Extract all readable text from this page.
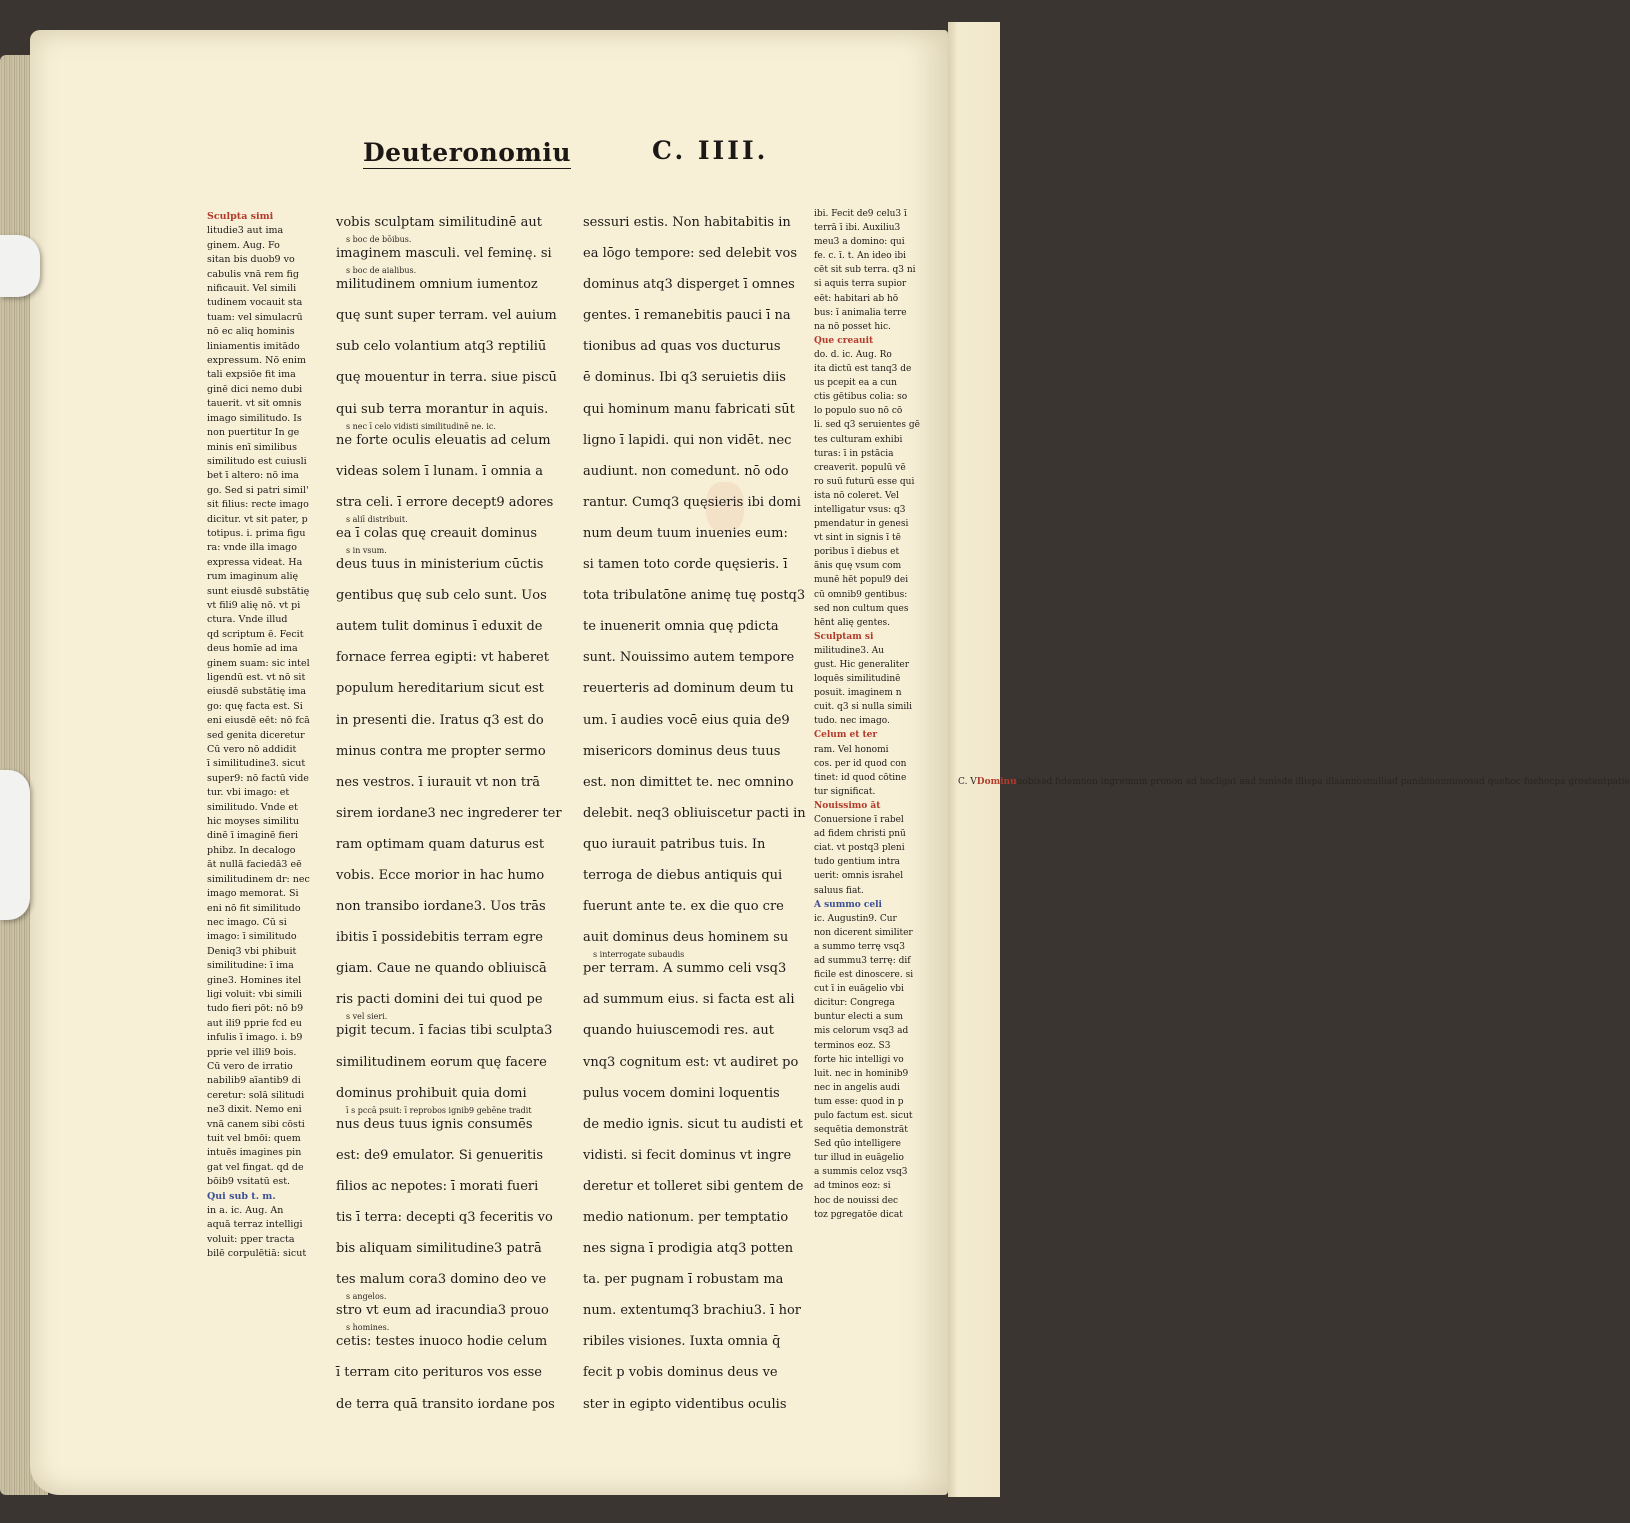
Deuteronomiu	C. IIII.
Sculpta simi
litudie3 aut ima
ginem. Aug. Fo
sitan bis duob9 vo
cabulis vnā rem fig
nificauit. Vel simili
tudinem vocauit sta
tuam: vel simulacrū
nō ec aliq hominis
liniamentis imitādo
expressum. Nō enim
tali expsiōe fit ima
ginē dici nemo dubi
tauerit. vt sit omnis
imago similitudo. Is
non puertitur In ge
minis enī similibus
similitudo est cuiusli
bet ī altero: nō ima
go. Sed si patri simil'
sit filius: recte imago
dicitur. vt sit pater, p
totipus. i. prima figu
ra: vnde illa imago
expressa videat. Ha
rum imaginum alię
sunt eiusdē substātię
vt fili9 alię nō. vt pi
ctura. Vnde illud
qd scriptum ē. Fecit
deus homīe ad ima
ginem suam: sic intel
ligendū est. vt nō sit
eiusdē substātię ima
go: quę facta est. Si
eni eiusdē eēt: nō fcā
sed genita diceretur
Cū vero nō addidit
ī similitudine3. sicut
super9: nō factū vide
tur. vbi imago: et
similitudo. Vnde et
hic moyses similitu
dinē ī imaginē fieri
phibz. In decalogo
āt nullā faciedā3 eē
similitudinem dr: nec
imago memorat. Si
eni nō fit similitudo
nec imago. Cū si
imago: ī similitudo
Deniq3 vbi phibuit
similitudine: ī ima
gine3. Homines itel
ligi voluit: vbi simili
tudo fieri pōt: nō b9
aut ili9 pprie fcd eu
infulis ī imago. i. b9
pprie vel illi9 bois.
Cū vero de irratio
nabilib9 aīantib9 di
ceretur: solā silitudi
ne3 dixit. Nemo eni
vnā canem sibi cōsti
tuit vel bmōi: quem
intuēs imagines pin
gat vel fingat. qd de
bōib9 vsitatū est.
Qui sub t. m.
in a. ic. Aug. An
aquā terraz intelligi
voluit: pper tracta
bilē corpulētiā: sicut
vobis sculptam similitudinē aut
s boc de bōibus.
imaginem masculi. vel feminę. si
s boc de aialibus.
militudinem omnium iumentoz
quę sunt super terram. vel auium
sub celo volantium atq3 reptiliū
quę mouentur in terra. siue piscū
qui sub terra morantur in aquis.
s nec ī celo vidisti similitudinē ne. ic.
ne forte oculis eleuatis ad celum
videas solem ī lunam. ī omnia a
stra celi. ī errore decept9 adores
s aliī distribuit.
ea ī colas quę creauit dominus
s in vsum.
deus tuus in ministerium cūctis
gentibus quę sub celo sunt. Uos
autem tulit dominus ī eduxit de
fornace ferrea egipti: vt haberet
populum hereditarium sicut est
in presenti die. Iratus q3 est do
minus contra me propter sermo
nes vestros. ī iurauit vt non trā
sirem iordane3 nec ingrederer ter
ram optimam quam daturus est
vobis. Ecce morior in hac humo
non transibo iordane3. Uos trās
ibitis ī possidebitis terram egre
giam. Caue ne quando obliuiscā
ris pacti domini dei tui quod pe
s vel sieri.
pigit tecum. ī facias tibi sculpta3
similitudinem eorum quę facere
dominus prohibuit quia domi
ī s pccā psuit: ī reprobos ignib9 gebēne tradit
nus deus tuus ignis consumēs
est: de9 emulator. Si genueritis
filios ac nepotes: ī morati fueri
tis ī terra: decepti q3 feceritis vo
bis aliquam similitudine3 patrā
tes malum cora3 domino deo ve
s angelos.
stro vt eum ad iracundia3 prouo
s homines.
cetis: testes inuoco hodie celum
ī terram cito perituros vos esse
de terra quā transito iordane pos
sessuri estis. Non habitabitis in
ea lōgo tempore: sed delebit vos
dominus atq3 disperget ī omnes
gentes. ī remanebitis pauci ī na
tionibus ad quas vos ducturus
ē dominus. Ibi q3 seruietis diis
qui hominum manu fabricati sūt
ligno ī lapidi. qui non vidēt. nec
audiunt. non comedunt. nō odo
rantur. Cumq3 quęsieris ibi domi
num deum tuum inuenies eum:
si tamen toto corde quęsieris. ī
tota tribulatōne animę tuę postq3
te inuenerit omnia quę pdicta
sunt. Nouissimo autem tempore
reuerteris ad dominum deum tu
um. ī audies vocē eius quia de9
misericors dominus deus tuus
est. non dimittet te. nec omnino
delebit. neq3 obliuiscetur pacti in
quo iurauit patribus tuis. In
terroga de diebus antiquis qui
fuerunt ante te. ex die quo cre
auit dominus deus hominem su
s interrogate subaudis
per terram. A summo celi vsq3
ad summum eius. si facta est ali
quando huiuscemodi res. aut
vnq3 cognitum est: vt audiret po
pulus vocem domini loquentis
de medio ignis. sicut tu audisti et
vidisti. si fecit dominus vt ingre
deretur et tolleret sibi gentem de
medio nationum. per temptatio
nes signa ī prodigia atq3 potten
ta. per pugnam ī robustam ma
num. extentumq3 brachiu3. ī hor
ribiles visiones. Iuxta omnia q̄
fecit p vobis dominus deus ve
ster in egipto videntibus oculis
ibi. Fecit de9 celu3 ī
terrā ī ibi. Auxiliu3
meu3 a domino: qui
fe. c. ī. t. An ideo ibi
cēt sit sub terra. q3 ni
si aquis terra supior
eēt: habitari ab hō
bus: ī animalia terre
na nō posset hic.
Que creauit
do. d. ic. Aug. Ro
ita dictū est tanq3 de
us pcepit ea a cun
ctis gētibus colia: so
lo populo suo nō cō
li. sed q3 seruientes gē
tes culturam exhibi
turas: ī in pstācia
creaverit. populū vē
ro suū futurū esse qui
ista nō coleret. Vel
intelligatur vsus: q3
pmendatur in genesi
vt sint in signis ī tē
poribus ī diebus et
ānis quę vsum com
munē hēt popul9 dei
cū omnib9 gentibus:
sed non cultum ques
hēnt alię gentes.
Sculptam si
militudine3. Au
gust. Hic generaliter
loquēs similitudinē
posuit. imaginem n
cuit. q3 si nulla simili
tudo. nec imago.
Celum et ter
ram. Vel honomi
cos. per id quod con
tinet: id quod cōtine
tur significat.
Nouissimo āt
Conuersione ī rabel
ad fidem christi pnū
ciat. vt postq3 pleni
tudo gentium intra
uerit: omnis israhel
saluus fiat.
A summo celi
ic. Augustin9. Cur
non dicerent similiter
a summo terrę vsq3
ad summu3 terrę: dif
ficile est dinoscere. si
cut ī in euāgelio vbi
dicitur: Congrega
buntur electi a sum
mis celorum vsq3 ad
terminos eoz. S3
forte hic intelligi vo
luit. nec in hominib9
nec in angelis audi
tum esse: quod in p
pulo factum est. sicut
sequētia demonstrāt
Sed qūo intelligere
tur illud in euāgelio
a summis celoz vsq3
ad tminos eoz: si
hoc de nouissi dec
toz pgregatōe dicat
C. VDominunobisad fidemnon ingremum pronon ad hocligat aad tunisde illispa illaannosnulliad panibinonnuuosad quehoc fuehecpa grostantpatie
